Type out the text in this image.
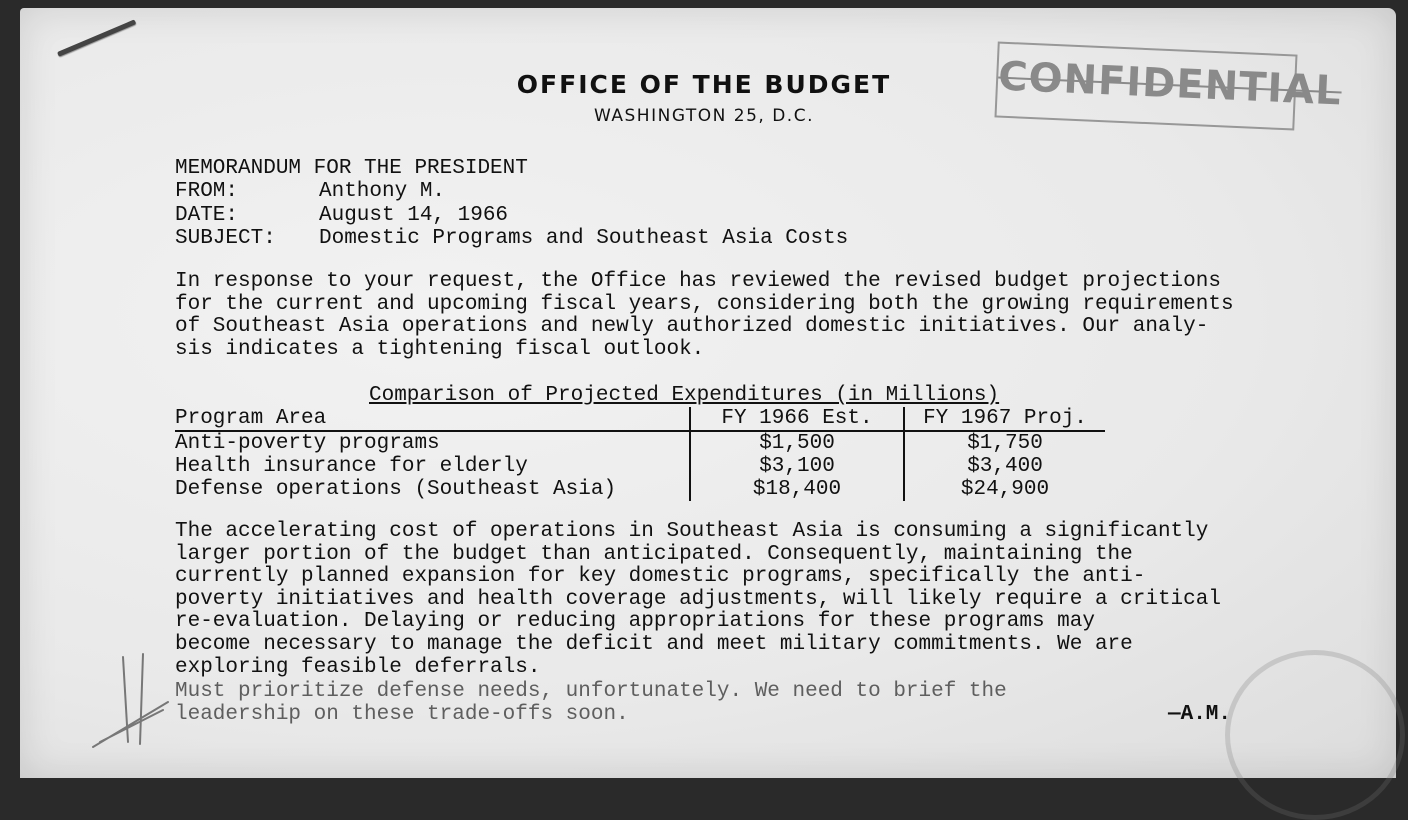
OFFICE OF THE BUDGET
WASHINGTON 25, D.C.
CONFIDENTIAL
MEMORANDUM FOR THE PRESIDENT
FROM:	Anthony M.
DATE:	August 14, 1966
SUBJECT:	Domestic Programs and Southeast Asia Costs

In response to your request, the Office has reviewed the revised budget projections
for the current and upcoming fiscal years, considering both the growing requirements
of Southeast Asia operations and newly authorized domestic initiatives. Our analy-
sis indicates a tightening fiscal outlook.

Comparison of Projected Expenditures (in Millions)
Program Area	FY 1966 Est.	FY 1967 Proj.
Anti-poverty programs	$1,500	$1,750
Health insurance for elderly	$3,100	$3,400
Defense operations (Southeast Asia)	$18,400	$24,900

The accelerating cost of operations in Southeast Asia is consuming a significantly
larger portion of the budget than anticipated. Consequently, maintaining the
currently planned expansion for key domestic programs, specifically the anti-
poverty initiatives and health coverage adjustments, will likely require a critical
re-evaluation. Delaying or reducing appropriations for these programs may
become necessary to manage the deficit and meet military commitments. We are
exploring feasible deferrals.

Must prioritize defense needs, unfortunately. We need to brief the
leadership on these trade-offs soon.	—A.M.
